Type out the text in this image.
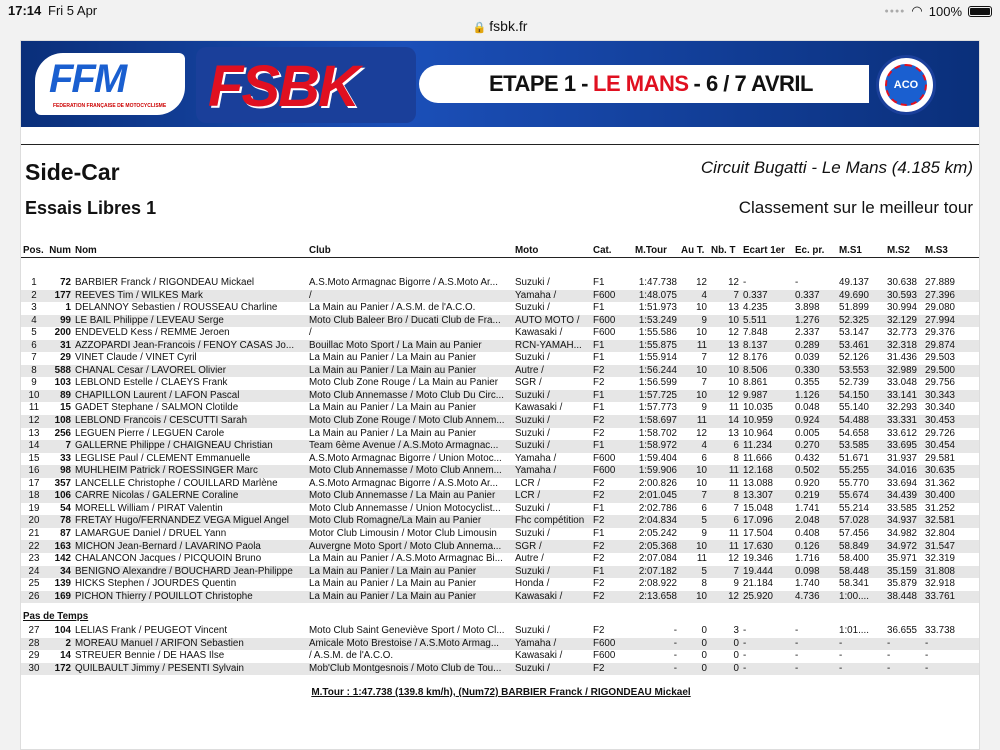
17:14 Fri 5 Apr	●●●● ◠ 100%
🔒 fsbk.fr
FFM
FEDERATION FRANÇAISE DE MOTOCYCLISME FSBK	ETAPE 1 - LE MANS - 6 / 7 AVRIL	ACO
Side-Car
Essais Libres 1
Circuit Bugatti - Le Mans (4.185 km)
Classement sur le meilleur tour
Pos.	Num	Nom	Club	Moto	Cat.	M.Tour	Au T.	Nb. T	Ecart 1er	Ec. pr.	M.S1	M.S2	M.S3

1	72	BARBIER Franck / RIGONDEAU Mickael	A.S.Moto Armagnac Bigorre / A.S.Moto Ar...	Suzuki /	F1	1:47.738	12	12	-	-	49.137	30.638	27.889
2	177	REEVES Tim / WILKES Mark	/	Yamaha /	F600	1:48.075	4	7	0.337	0.337	49.690	30.593	27.396
3	1	DELANNOY Sebastien / ROUSSEAU Charline	La Main au Panier / A.S.M. de l'A.C.O.	Suzuki /	F1	1:51.973	10	13	4.235	3.898	51.899	30.994	29.080
4	99	LE BAIL Philippe / LEVEAU Serge	Moto Club Baleer Bro / Ducati Club de Fra...	AUTO MOTO /	F600	1:53.249	9	10	5.511	1.276	52.325	32.129	27.994
5	200	ENDEVELD Kess / REMME Jeroen	/	Kawasaki /	F600	1:55.586	10	12	7.848	2.337	53.147	32.773	29.376
6	31	AZZOPARDI Jean-Francois / FENOY CASAS Jo...	Bouillac Moto Sport / La Main au Panier	RCN-YAMAH...	F1	1:55.875	11	13	8.137	0.289	53.461	32.318	29.874
7	29	VINET Claude / VINET Cyril	La Main au Panier / La Main au Panier	Suzuki /	F1	1:55.914	7	12	8.176	0.039	52.126	31.436	29.503
8	588	CHANAL Cesar / LAVOREL Olivier	La Main au Panier / La Main au Panier	Autre /	F2	1:56.244	10	10	8.506	0.330	53.553	32.989	29.500
9	103	LEBLOND Estelle / CLAEYS Frank	Moto Club Zone Rouge / La Main au Panier	SGR /	F2	1:56.599	7	10	8.861	0.355	52.739	33.048	29.756
10	89	CHAPILLON Laurent / LAFON Pascal	Moto Club Annemasse / Moto Club Du Circ...	Suzuki /	F1	1:57.725	10	12	9.987	1.126	54.150	33.141	30.343
11	15	GADET Stephane / SALMON Clotilde	La Main au Panier / La Main au Panier	Kawasaki /	F1	1:57.773	9	11	10.035	0.048	55.140	32.293	30.340
12	108	LEBLOND Francois / CESCUTTI Sarah	Moto Club Zone Rouge / Moto Club Annem...	Suzuki /	F2	1:58.697	11	14	10.959	0.924	54.488	33.331	30.453
13	256	LEGUEN Pierre / LEGUEN Carole	La Main au Panier / La Main au Panier	Suzuki /	F2	1:58.702	12	13	10.964	0.005	54.658	33.612	29.726
14	7	GALLERNE Philippe / CHAIGNEAU Christian	Team 6ème Avenue / A.S.Moto Armagnac...	Suzuki /	F1	1:58.972	4	6	11.234	0.270	53.585	33.695	30.454
15	33	LEGLISE Paul / CLEMENT Emmanuelle	A.S.Moto Armagnac Bigorre / Union Motoc...	Yamaha /	F600	1:59.404	6	8	11.666	0.432	51.671	31.937	29.581
16	98	MUHLHEIM Patrick / ROESSINGER Marc	Moto Club Annemasse / Moto Club Annem...	Yamaha /	F600	1:59.906	10	11	12.168	0.502	55.255	34.016	30.635
17	357	LANCELLE Christophe / COUILLARD Marlène	A.S.Moto Armagnac Bigorre / A.S.Moto Ar...	LCR /	F2	2:00.826	10	11	13.088	0.920	55.770	33.694	31.362
18	106	CARRE Nicolas / GALERNE Coraline	Moto Club Annemasse / La Main au Panier	LCR /	F2	2:01.045	7	8	13.307	0.219	55.674	34.439	30.400
19	54	MORELL William / PIRAT Valentin	Moto Club Annemasse / Union Motocyclist...	Suzuki /	F1	2:02.786	6	7	15.048	1.741	55.214	33.585	31.252
20	78	FRETAY Hugo/FERNANDEZ VEGA Miguel Angel	Moto Club Romagne/La Main au Panier	Fhc compétition	F2	2:04.834	5	6	17.096	2.048	57.028	34.937	32.581
21	87	LAMARGUE Daniel / DRUEL Yann	Motor Club Limousin / Motor Club Limousin	Suzuki /	F1	2:05.242	9	11	17.504	0.408	57.456	34.982	32.804
22	163	MICHON Jean-Bernard / LAVARINO Paola	Auvergne Moto Sport / Moto Club Annema...	SGR /	F2	2:05.368	10	11	17.630	0.126	58.849	34.972	31.547
23	142	CHALANCON Jacques / PICQUOIN Bruno	La Main au Panier / A.S.Moto Armagnac Bi...	Autre /	F2	2:07.084	11	12	19.346	1.716	58.400	35.971	32.319
24	34	BENIGNO Alexandre / BOUCHARD Jean-Philippe	La Main au Panier / La Main au Panier	Suzuki /	F1	2:07.182	5	7	19.444	0.098	58.448	35.159	31.808
25	139	HICKS Stephen / JOURDES Quentin	La Main au Panier / La Main au Panier	Honda /	F2	2:08.922	8	9	21.184	1.740	58.341	35.879	32.918
26	169	PICHON Thierry / POUILLOT Christophe	La Main au Panier / La Main au Panier	Kawasaki /	F2	2:13.658	10	12	25.920	4.736	1:00....	38.448	33.761
Pas de Temps													
27	104	LELIAS Frank / PEUGEOT Vincent	Moto Club Saint Geneviève Sport / Moto Cl...	Suzuki /	F2	-	0	3	-	-	1:01....	36.655	33.738
28	2	MOREAU Manuel / ARIFON Sebastien	Amicale Moto Brestoise / A.S.Moto Armag...	Yamaha /	F600	-	0	0	-	-	-	-	-
29	14	STREUER Bennie / DE HAAS Ilse	/ A.S.M. de l'A.C.O.	Kawasaki /	F600	-	0	0	-	-	-	-	-
30	172	QUILBAULT Jimmy / PESENTI Sylvain	Mob'Club Montgesnois / Moto Club de Tou...	Suzuki /	F2	-	0	0	-	-	-	-	-
M.Tour : 1:47.738 (139.8 km/h), (Num72) BARBIER Franck / RIGONDEAU Mickael
